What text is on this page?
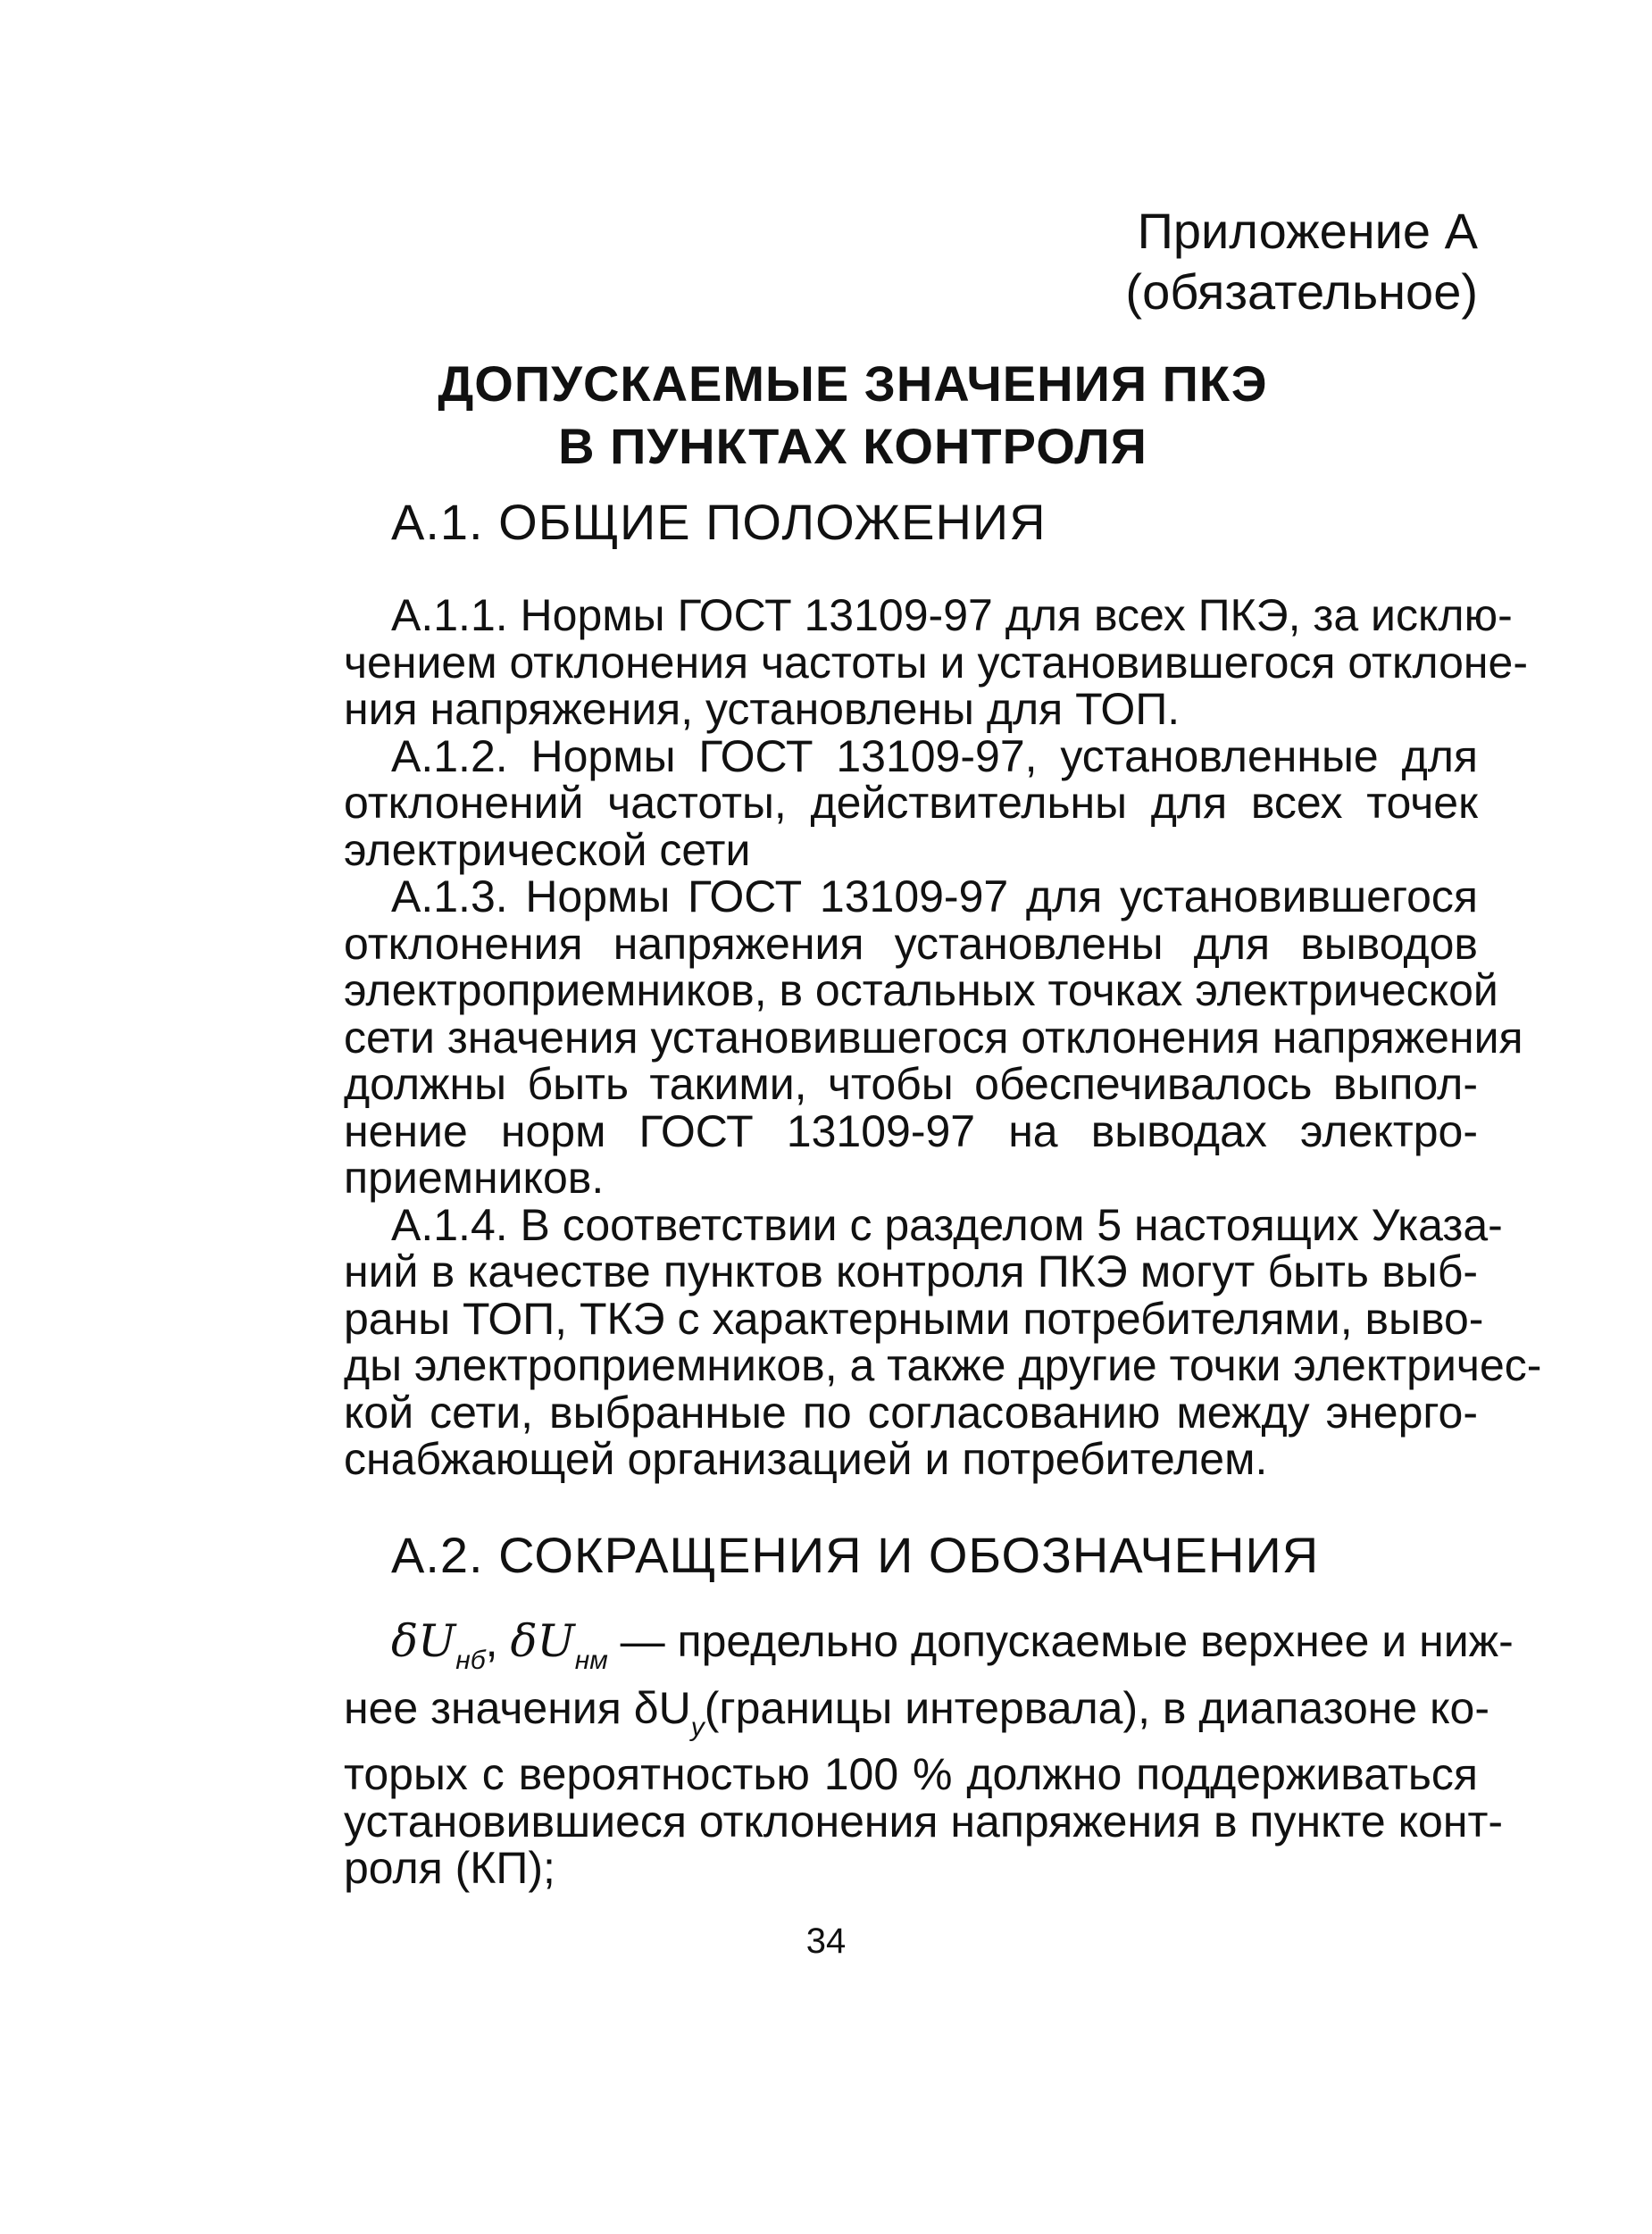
Приложение А
(обязательное)
ДОПУСКАЕМЫЕ ЗНАЧЕНИЯ ПКЭ
В ПУНКТАХ КОНТРОЛЯ
А.1. ОБЩИЕ ПОЛОЖЕНИЯ
А.1.1. Нормы ГОСТ 13109-97 для всех ПКЭ, за исклю-
чением отклонения частоты и установившегося отклоне-
ния напряжения, установлены для ТОП.
А.1.2. Нормы ГОСТ 13109-97, установленные для
отклонений частоты, действительны для всех точек
электрической сети
А.1.3. Нормы ГОСТ 13109-97 для установившегося
отклонения напряжения установлены для выводов
электроприемников, в остальных точках электрической
сети значения установившегося отклонения напряжения
должны быть такими, чтобы обеспечивалось выпол-
нение норм ГОСТ 13109-97 на выводах электро-
приемников.
А.1.4. В соответствии с разделом 5 настоящих Указа-
ний в качестве пунктов контроля ПКЭ могут быть выб-
раны ТОП, ТКЭ с характерными потребителями, выво-
ды электроприемников, а также другие точки электричес-
кой сети, выбранные по согласованию между энерго-
снабжающей организацией и потребителем.
А.2. СОКРАЩЕНИЯ И ОБОЗНАЧЕНИЯ
$\delta U_{нб}$, $\delta U_{нм}$ — предельно допускаемые верхнее и ниж-
нее значения $\delta U_у(границы$ интервала), в диапазоне ко-
торых с вероятностью 100 % должно поддерживаться
установившиеся отклонения напряжения в пункте конт-
роля (КП);
34
